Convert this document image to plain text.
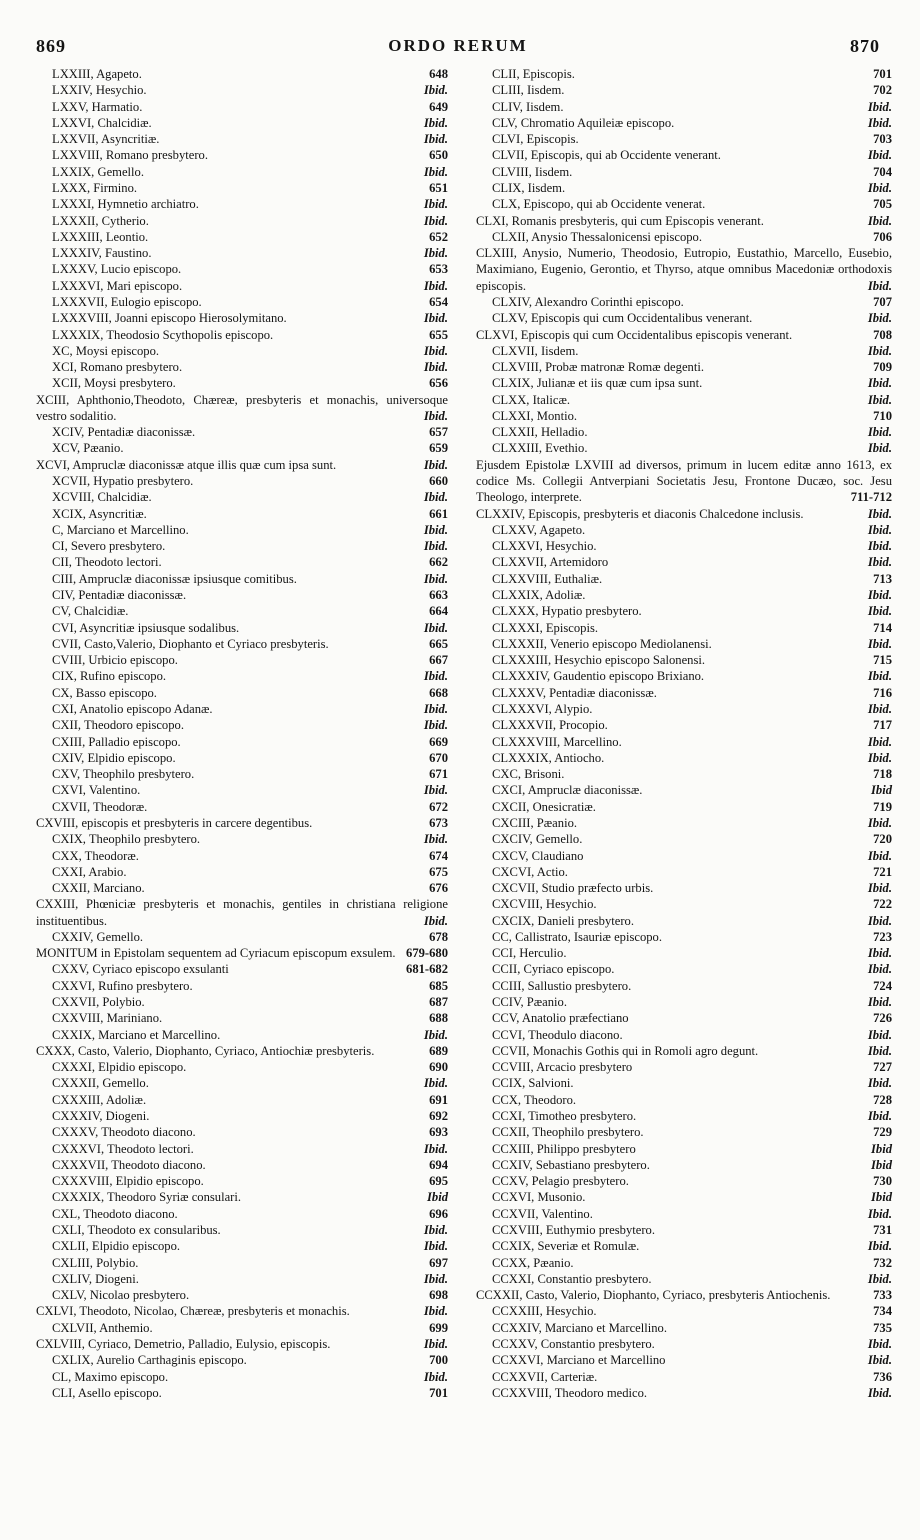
869	ORDO RERUM	870
LXXIII, Agapeto.	648
LXXIV, Hesychio.	Ibid.
LXXV, Harmatio.	649
LXXVI, Chalcidiæ.	Ibid.
LXXVII, Asyncritiæ.	Ibid.
LXXVIII, Romano presbytero.	650
LXXIX, Gemello.	Ibid.
LXXX, Firmino.	651
LXXXI, Hymnetio archiatro.	Ibid.
LXXXII, Cytherio.	Ibid.
LXXXIII, Leontio.	652
LXXXIV, Faustino.	Ibid.
LXXXV, Lucio episcopo.	653
LXXXVI, Mari episcopo.	Ibid.
LXXXVII, Eulogio episcopo.	654
LXXXVIII, Joanni episcopo Hierosolymitano.	Ibid.
LXXXIX, Theodosio Scythopolis episcopo.	655
XC, Moysi episcopo.	Ibid.
XCI, Romano presbytero.	Ibid.
XCII, Moysi presbytero.	656
XCIII, Aphthonio,Theodoto, Chæreæ, presbyteris et monachis, universoque vestro sodalitio.	Ibid.
XCIV, Pentadiæ diaconissæ.	657
XCV, Pæanio.	659
XCVI, Ampruclæ diaconissæ atque illis quæ cum ipsa sunt.	Ibid.
XCVII, Hypatio presbytero.	660
XCVIII, Chalcidiæ.	Ibid.
XCIX, Asyncritiæ.	661
C, Marciano et Marcellino.	Ibid.
CI, Severo presbytero.	Ibid.
CII, Theodoto lectori.	662
CIII, Ampruclæ diaconissæ ipsiusque comitibus.	Ibid.
CIV, Pentadiæ diaconissæ.	663
CV, Chalcidiæ.	664
CVI, Asyncritiæ ipsiusque sodalibus.	Ibid.
CVII, Casto,Valerio, Diophanto et Cyriaco presbyteris.	665
CVIII, Urbicio episcopo.	667
CIX, Rufino episcopo.	Ibid.
CX, Basso episcopo.	668
CXI, Anatolio episcopo Adanæ.	Ibid.
CXII, Theodoro episcopo.	Ibid.
CXIII, Palladio episcopo.	669
CXIV, Elpidio episcopo.	670
CXV, Theophilo presbytero.	671
CXVI, Valentino.	Ibid.
CXVII, Theodoræ.	672
CXVIII, episcopis et presbyteris in carcere degentibus.	673
CXIX, Theophilo presbytero.	Ibid.
CXX, Theodoræ.	674
CXXI, Arabio.	675
CXXII, Marciano.	676
CXXIII, Phœniciæ presbyteris et monachis, gentiles in christiana religione instituentibus.	Ibid.
CXXIV, Gemello.	678
MONITUM in Epistolam sequentem ad Cyriacum episcopum exsulem. 679-680
CXXV, Cyriaco episcopo exsulanti	681-682
CXXVI, Rufino presbytero.	685
CXXVII, Polybio.	687
CXXVIII, Mariniano.	688
CXXIX, Marciano et Marcellino.	Ibid.
CXXX, Casto, Valerio, Diophanto, Cyriaco, Antiochiæ presbyteris.	689
CXXXI, Elpidio episcopo.	690
CXXXII, Gemello.	Ibid.
CXXXIII, Adoliæ.	691
CXXXIV, Diogeni.	692
CXXXV, Theodoto diacono.	693
CXXXVI, Theodoto lectori.	Ibid.
CXXXVII, Theodoto diacono.	694
CXXXVIII, Elpidio episcopo.	695
CXXXIX, Theodoro Syriæ consulari.	Ibid
CXL, Theodoto diacono.	696
CXLI, Theodoto ex consularibus.	Ibid.
CXLII, Elpidio episcopo.	Ibid.
CXLIII, Polybio.	697
CXLIV, Diogeni.	Ibid.
CXLV, Nicolao presbytero.	698
CXLVI, Theodoto, Nicolao, Chæreæ, presbyteris et monachis.	Ibid.
CXLVII, Anthemio.	699
CXLVIII, Cyriaco, Demetrio, Palladio, Eulysio, episcopis.	Ibid.
CXLIX, Aurelio Carthaginis episcopo.	700
CL, Maximo episcopo.	Ibid.
CLI, Asello episcopo.	701
CLII, Episcopis.	701
CLIII, Iisdem.	702
CLIV, Iisdem.	Ibid.
CLV, Chromatio Aquileiæ episcopo.	Ibid.
CLVI, Episcopis.	703
CLVII, Episcopis, qui ab Occidente venerant.	Ibid.
CLVIII, Iisdem.	704
CLIX, Iisdem.	Ibid.
CLX, Episcopo, qui ab Occidente venerat.	705
CLXI, Romanis presbyteris, qui cum Episcopis venerant.	Ibid.
CLXII, Anysio Thessalonicensi episcopo.	706
CLXIII, Anysio, Numerio, Theodosio, Eutropio, Eustathio, Marcello, Eusebio, Maximiano, Eugenio, Gerontio, et Thyrso, atque omnibus Macedoniæ orthodoxis episcopis.	Ibid.
CLXIV, Alexandro Corinthi episcopo.	707
CLXV, Episcopis qui cum Occidentalibus venerant.	Ibid.
CLXVI, Episcopis qui cum Occidentalibus episcopis venerant.	708
CLXVII, Iisdem.	Ibid.
CLXVIII, Probæ matronæ Romæ degenti.	709
CLXIX, Julianæ et iis quæ cum ipsa sunt.	Ibid.
CLXX, Italicæ.	Ibid.
CLXXI, Montio.	710
CLXXII, Helladio.	Ibid.
CLXXIII, Evethio.	Ibid.
Ejusdem Epistolæ LXVIII ad diversos, primum in lucem editæ anno 1613, ex codice Ms. Collegii Antverpiani Societatis Jesu, Frontone Ducæo, soc. Jesu Theologo, interprete.	711-712
CLXXIV, Episcopis, presbyteris et diaconis Chalcedone inclusis.	Ibid.
CLXXV, Agapeto.	Ibid.
CLXXVI, Hesychio.	Ibid.
CLXXVII, Artemidoro	Ibid.
CLXXVIII, Euthaliæ.	713
CLXXIX, Adoliæ.	Ibid.
CLXXX, Hypatio presbytero.	Ibid.
CLXXXI, Episcopis.	714
CLXXXII, Venerio episcopo Mediolanensi.	Ibid.
CLXXXIII, Hesychio episcopo Salonensi.	715
CLXXXIV, Gaudentio episcopo Brixiano.	Ibid.
CLXXXV, Pentadiæ diaconissæ.	716
CLXXXVI, Alypio.	Ibid.
CLXXXVII, Procopio.	717
CLXXXVIII, Marcellino.	Ibid.
CLXXXIX, Antiocho.	Ibid.
CXC, Brisoni.	718
CXCI, Ampruclæ diaconissæ.	Ibid
CXCII, Onesicratiæ.	719
CXCIII, Pæanio.	Ibid.
CXCIV, Gemello.	720
CXCV, Claudiano	Ibid.
CXCVI, Actio.	721
CXCVII, Studio præfecto urbis.	Ibid.
CXCVIII, Hesychio.	722
CXCIX, Danieli presbytero.	Ibid.
CC, Callistrato, Isauriæ episcopo.	723
CCI, Herculio.	Ibid.
CCII, Cyriaco episcopo.	Ibid.
CCIII, Sallustio presbytero.	724
CCIV, Pæanio.	Ibid.
CCV, Anatolio præfectiano	726
CCVI, Theodulo diacono.	Ibid.
CCVII, Monachis Gothis qui in Romoli agro degunt.	Ibid.
CCVIII, Arcacio presbytero	727
CCIX, Salvioni.	Ibid.
CCX, Theodoro.	728
CCXI, Timotheo presbytero.	Ibid.
CCXII, Theophilo presbytero.	729
CCXIII, Philippo presbytero	Ibid
CCXIV, Sebastiano presbytero.	Ibid
CCXV, Pelagio presbytero.	730
CCXVI, Musonio.	Ibid
CCXVII, Valentino.	Ibid.
CCXVIII, Euthymio presbytero.	731
CCXIX, Severiæ et Romulæ.	Ibid.
CCXX, Pæanio.	732
CCXXI, Constantio presbytero.	Ibid.
CCXXII, Casto, Valerio, Diophanto, Cyriaco, presbyteris Antiochenis.	733
CCXXIII, Hesychio.	734
CCXXIV, Marciano et Marcellino.	735
CCXXV, Constantio presbytero.	Ibid.
CCXXVI, Marciano et Marcellino	Ibid.
CCXXVII, Carteriæ.	736
CCXXVIII, Theodoro medico.	Ibid.
